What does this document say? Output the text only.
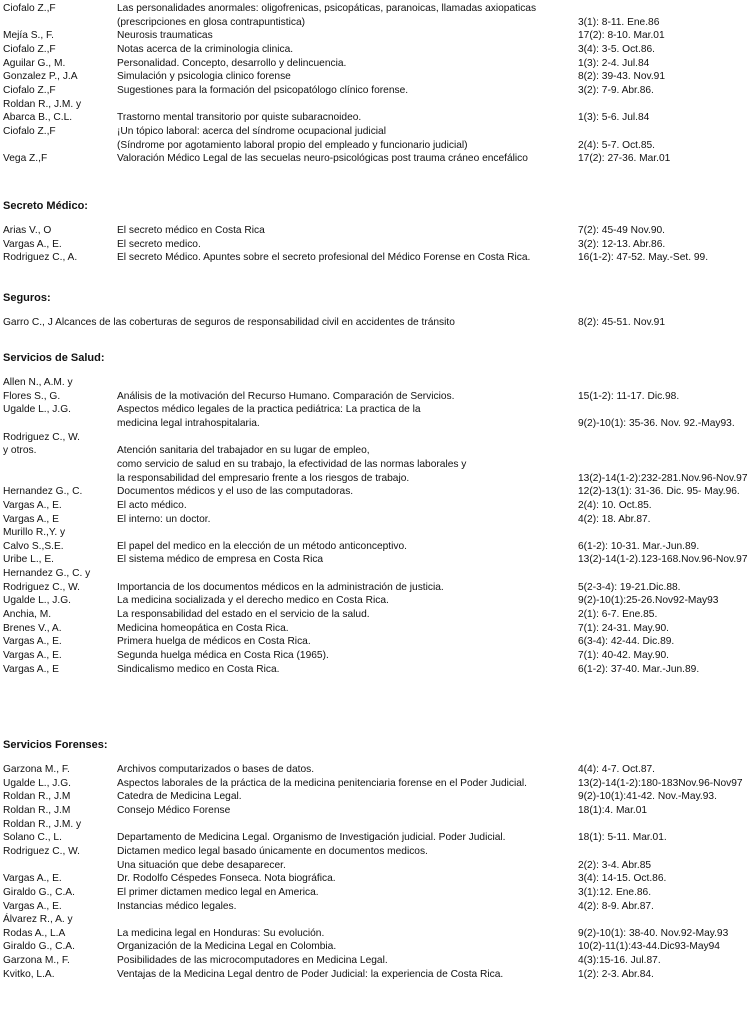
Ciofalo Z.,F	Las personalidades anormales: oligofrenicas, psicopáticas, paranoicas, llamadas axiopaticas
(prescripciones en glosa contrapuntistica)	3(1): 8-11. Ene.86
Mejía S., F.	Neurosis traumaticas	17(2): 8-10. Mar.01
Ciofalo Z.,F	Notas acerca de la criminologia clinica.	3(4): 3-5. Oct.86.
Aguilar G., M.	Personalidad. Concepto, desarrollo y delincuencia.	1(3): 2-4. Jul.84
Gonzalez P., J.A	Simulación y psicologia clinico forense	8(2): 39-43. Nov.91
Ciofalo Z.,F	Sugestiones para la formación del psicopatólogo clínico forense.	3(2): 7-9. Abr.86.
Roldan R., J.M. y
Abarca B., C.L.	Trastorno mental transitorio por quiste subaracnoideo.	1(3): 5-6. Jul.84
Ciofalo Z.,F	¡Un tópico laboral: acerca del síndrome ocupacional judicial
(Síndrome por agotamiento laboral propio del empleado y funcionario judicial)	2(4): 5-7. Oct.85.
Vega Z.,F	Valoración Médico Legal de las secuelas neuro-psicológicas post trauma cráneo encefálico	17(2): 27-36. Mar.01
Secreto Médico:
Arias V., O	El secreto médico en Costa Rica	7(2): 45-49 Nov.90.
Vargas A., E.	El secreto medico.	3(2): 12-13. Abr.86.
Rodriguez C., A.	El secreto Médico. Apuntes sobre el secreto profesional del Médico Forense en Costa Rica.	16(1-2): 47-52. May.-Set. 99.
Seguros:
Garro C., J Alcances de las coberturas de seguros de responsabilidad civil en accidentes de tránsito	8(2): 45-51. Nov.91
Servicios de Salud:
Allen N., A.M. y
Flores S., G.	Análisis de la motivación del Recurso Humano. Comparación de Servicios.	15(1-2): 11-17. Dic.98.
Ugalde L., J.G.	Aspectos médico legales de la practica pediátrica: La practica de la
medicina legal intrahospitalaria.	9(2)-10(1): 35-36. Nov. 92.-May93.
Rodriguez C., W.
y otros.	Atención sanitaria del trabajador en su lugar de empleo,
como servicio de salud en su trabajo, la efectividad de las normas laborales y
la responsabilidad del empresario frente a los riesgos de trabajo.	13(2)-14(1-2):232-281.Nov.96-Nov.97
Hernandez G., C.	Documentos médicos y el uso de las computadoras.	12(2)-13(1): 31-36. Dic. 95- May.96.
Vargas A., E.	El acto médico.	2(4): 10. Oct.85.
Vargas A., E	El interno: un doctor.	4(2): 18. Abr.87.
Murillo R.,Y. y
Calvo S.,S.E.	El papel del medico en la elección de un método anticonceptivo.	6(1-2): 10-31. Mar.-Jun.89.
Uribe L., E.	El sistema médico de empresa en Costa Rica	13(2)-14(1-2).123-168.Nov.96-Nov.97
Hernandez G., C. y
Rodriguez C., W.	Importancia de los documentos médicos en la administración de justicia.	5(2-3-4): 19-21.Dic.88.
Ugalde L., J.G.	La medicina socializada y el derecho medico en Costa Rica.	9(2)-10(1):25-26.Nov92-May93
Anchia, M.	La responsabilidad del estado en el servicio de la salud.	2(1): 6-7. Ene.85.
Brenes V., A.	Medicina homeopática en Costa Rica.	7(1): 24-31. May.90.
Vargas A., E.	Primera huelga de médicos en Costa Rica.	6(3-4): 42-44. Dic.89.
Vargas A., E.	Segunda huelga médica en Costa Rica (1965).	7(1): 40-42. May.90.
Vargas A., E	Sindicalismo medico en Costa Rica.	6(1-2): 37-40. Mar.-Jun.89.
Servicios Forenses:
Garzona M., F.	Archivos computarizados o bases de datos.	4(4): 4-7. Oct.87.
Ugalde L., J.G.	Aspectos laborales de la práctica de la medicina penitenciaria forense en el Poder Judicial.	13(2)-14(1-2):180-183Nov.96-Nov97
Roldan R., J.M	Catedra de Medicina Legal.	9(2)-10(1):41-42. Nov.-May.93.
Roldan R., J.M	Consejo Médico Forense	18(1):4. Mar.01
Roldan R., J.M. y
Solano C., L.	Departamento de Medicina Legal. Organismo de Investigación judicial. Poder Judicial.	18(1): 5-11. Mar.01.
Rodriguez C., W.	Dictamen medico legal basado únicamente en documentos medicos.
Una situación que debe desaparecer.	2(2): 3-4. Abr.85
Vargas A., E.	Dr. Rodolfo Céspedes Fonseca. Nota biográfica.	3(4): 14-15. Oct.86.
Giraldo G., C.A.	El primer dictamen medico legal en America.	3(1):12. Ene.86.
Vargas A., E.	Instancias médico legales.	4(2): 8-9. Abr.87.
Álvarez R., A. y
Rodas A., L.A	La medicina legal en Honduras: Su evolución.	9(2)-10(1): 38-40. Nov.92-May.93
Giraldo G., C.A.	Organización de la Medicina Legal en Colombia.	10(2)-11(1):43-44.Dic93-May94
Garzona M., F.	Posibilidades de las microcomputadores en Medicina Legal.	4(3):15-16. Jul.87.
Kvitko, L.A.	Ventajas de la Medicina Legal dentro de Poder Judicial: la experiencia de Costa Rica.	1(2): 2-3. Abr.84.
